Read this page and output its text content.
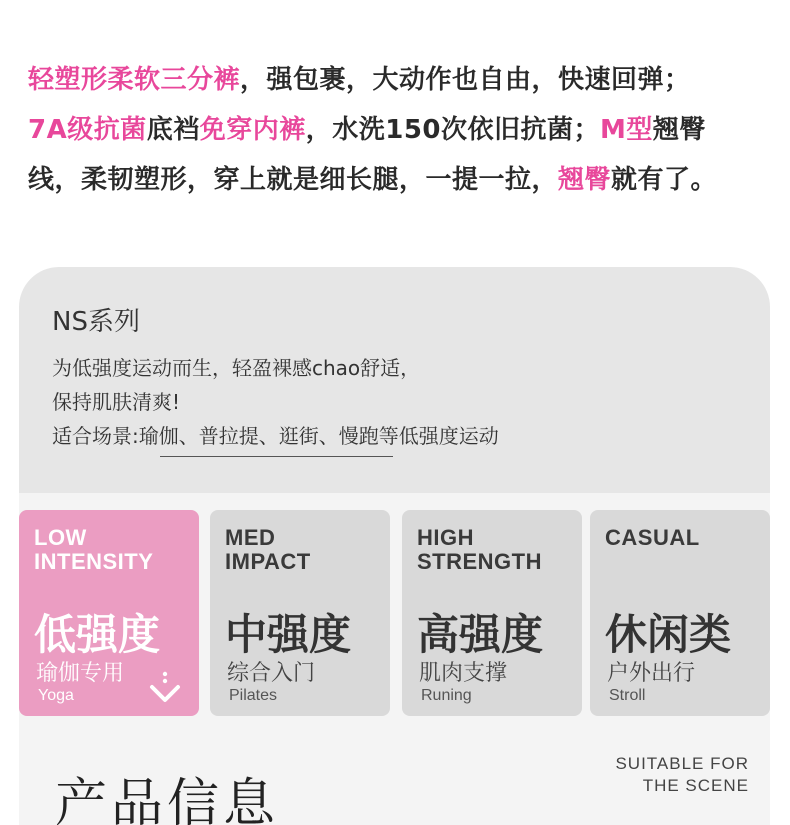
轻塑形柔软三分裤，强包裹，大动作也自由，快速回弹；
7A级抗菌底裆免穿内裤，水洗150次依旧抗菌；M型翘臀
线，柔韧塑形，穿上就是细长腿，一提一拉，翘臀就有了。
NS系列
为低强度运动而生，轻盈裸感chao舒适，
保持肌肤清爽!
适合场景:瑜伽、普拉提、逛街、慢跑等低强度运动
LOW
INTENSITY
低强度
瑜伽专用
Yoga
MED
IMPACT
中强度
综合入门
Pilates
HIGH
STRENGTH
高强度
肌肉支撑
Runing
CASUAL
休闲类
户外出行
Stroll
产品信息
SUITABLE FOR
THE SCENE
